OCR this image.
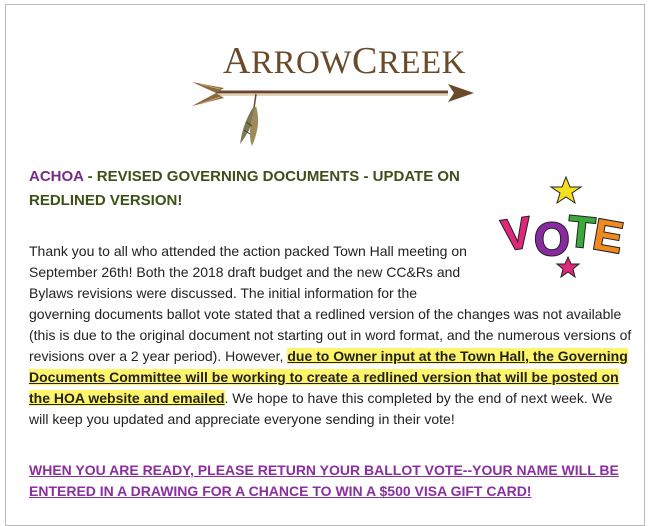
ARROWCREEK
ACHOA - REVISED GOVERNING DOCUMENTS - UPDATE ON REDLINED VERSION!
V O
T
E
Thank you to all who attended the action packed Town Hall meeting on September 26th! Both the 2018 draft budget and the new CC&Rs and Bylaws revisions were discussed. The initial information for the governing documents ballot vote stated that a redlined version of the changes was not available (this is due to the original document not starting out in word format, and the numerous versions of revisions over a 2 year period). However, due to Owner input at the Town Hall, the Governing Documents Committee will be working to create a redlined version that will be posted on the HOA website and emailed. We hope to have this completed by the end of next week. We will keep you updated and appreciate everyone sending in their vote!
WHEN YOU ARE READY, PLEASE RETURN YOUR BALLOT VOTE--YOUR NAME WILL BE ENTERED IN A DRAWING FOR A CHANCE TO WIN A $500 VISA GIFT CARD!
